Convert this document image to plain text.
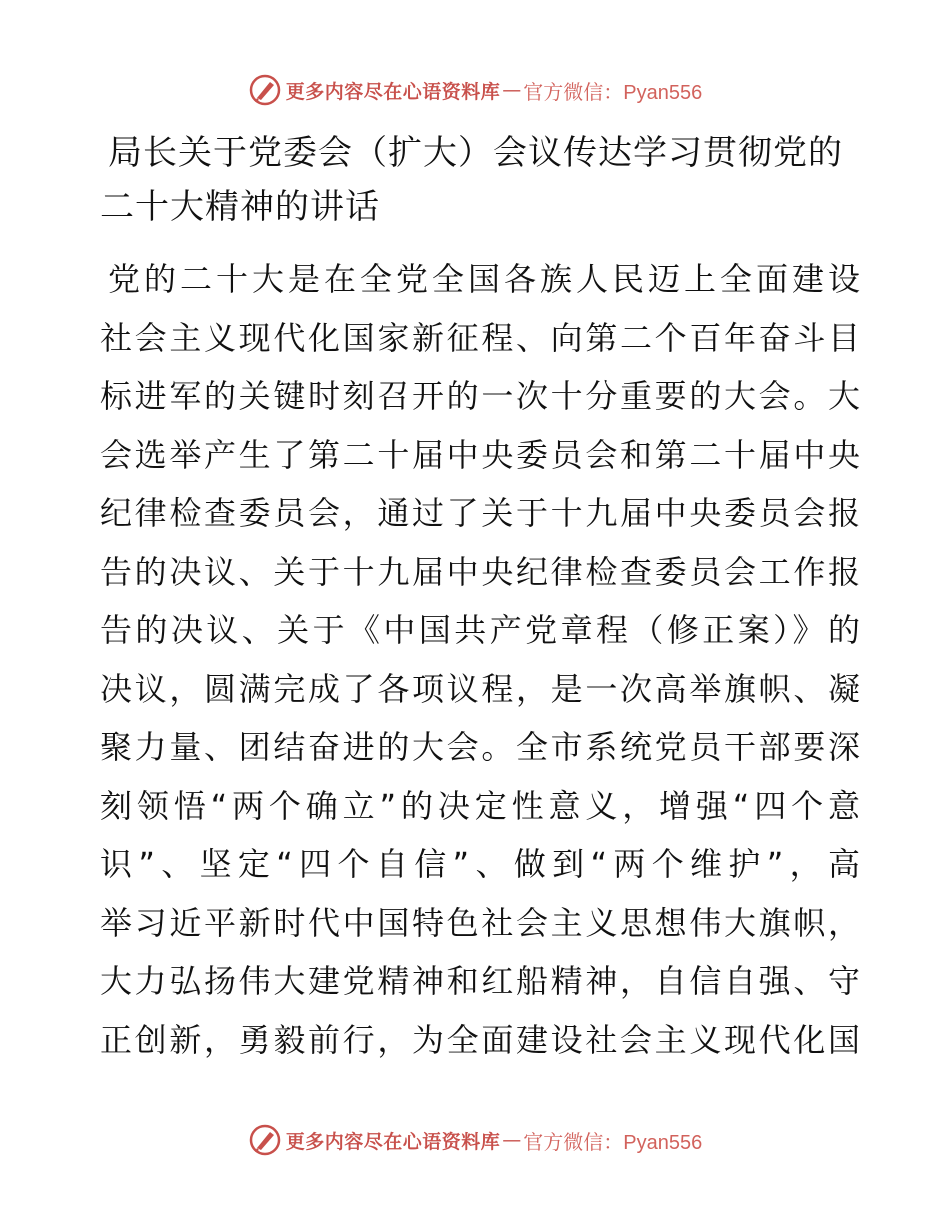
更多内容尽在心语资料库 — 官方微信：Pyan556
局长关于党委会（扩大）会议传达学习贯彻党的
二十大精神的讲话
党的二十大是在全党全国各族人民迈上全面建设
社会主义现代化国家新征程、向第二个百年奋斗目
标进军的关键时刻召开的一次十分重要的大会。大
会选举产生了第二十届中央委员会和第二十届中央
纪律检查委员会，通过了关于十九届中央委员会报
告的决议、关于十九届中央纪律检查委员会工作报
告的决议、关于《中国共产党章程（修正案）》的
决议，圆满完成了各项议程，是一次高举旗帜、凝
聚力量、团结奋进的大会。全市系统党员干部要深
刻领悟“两个确立”的决定性意义，增强“四个意
识”、坚定“四个自信”、做到“两个维护”，高
举习近平新时代中国特色社会主义思想伟大旗帜，
大力弘扬伟大建党精神和红船精神，自信自强、守
正创新，勇毅前行，为全面建设社会主义现代化国
更多内容尽在心语资料库 — 官方微信：Pyan556
